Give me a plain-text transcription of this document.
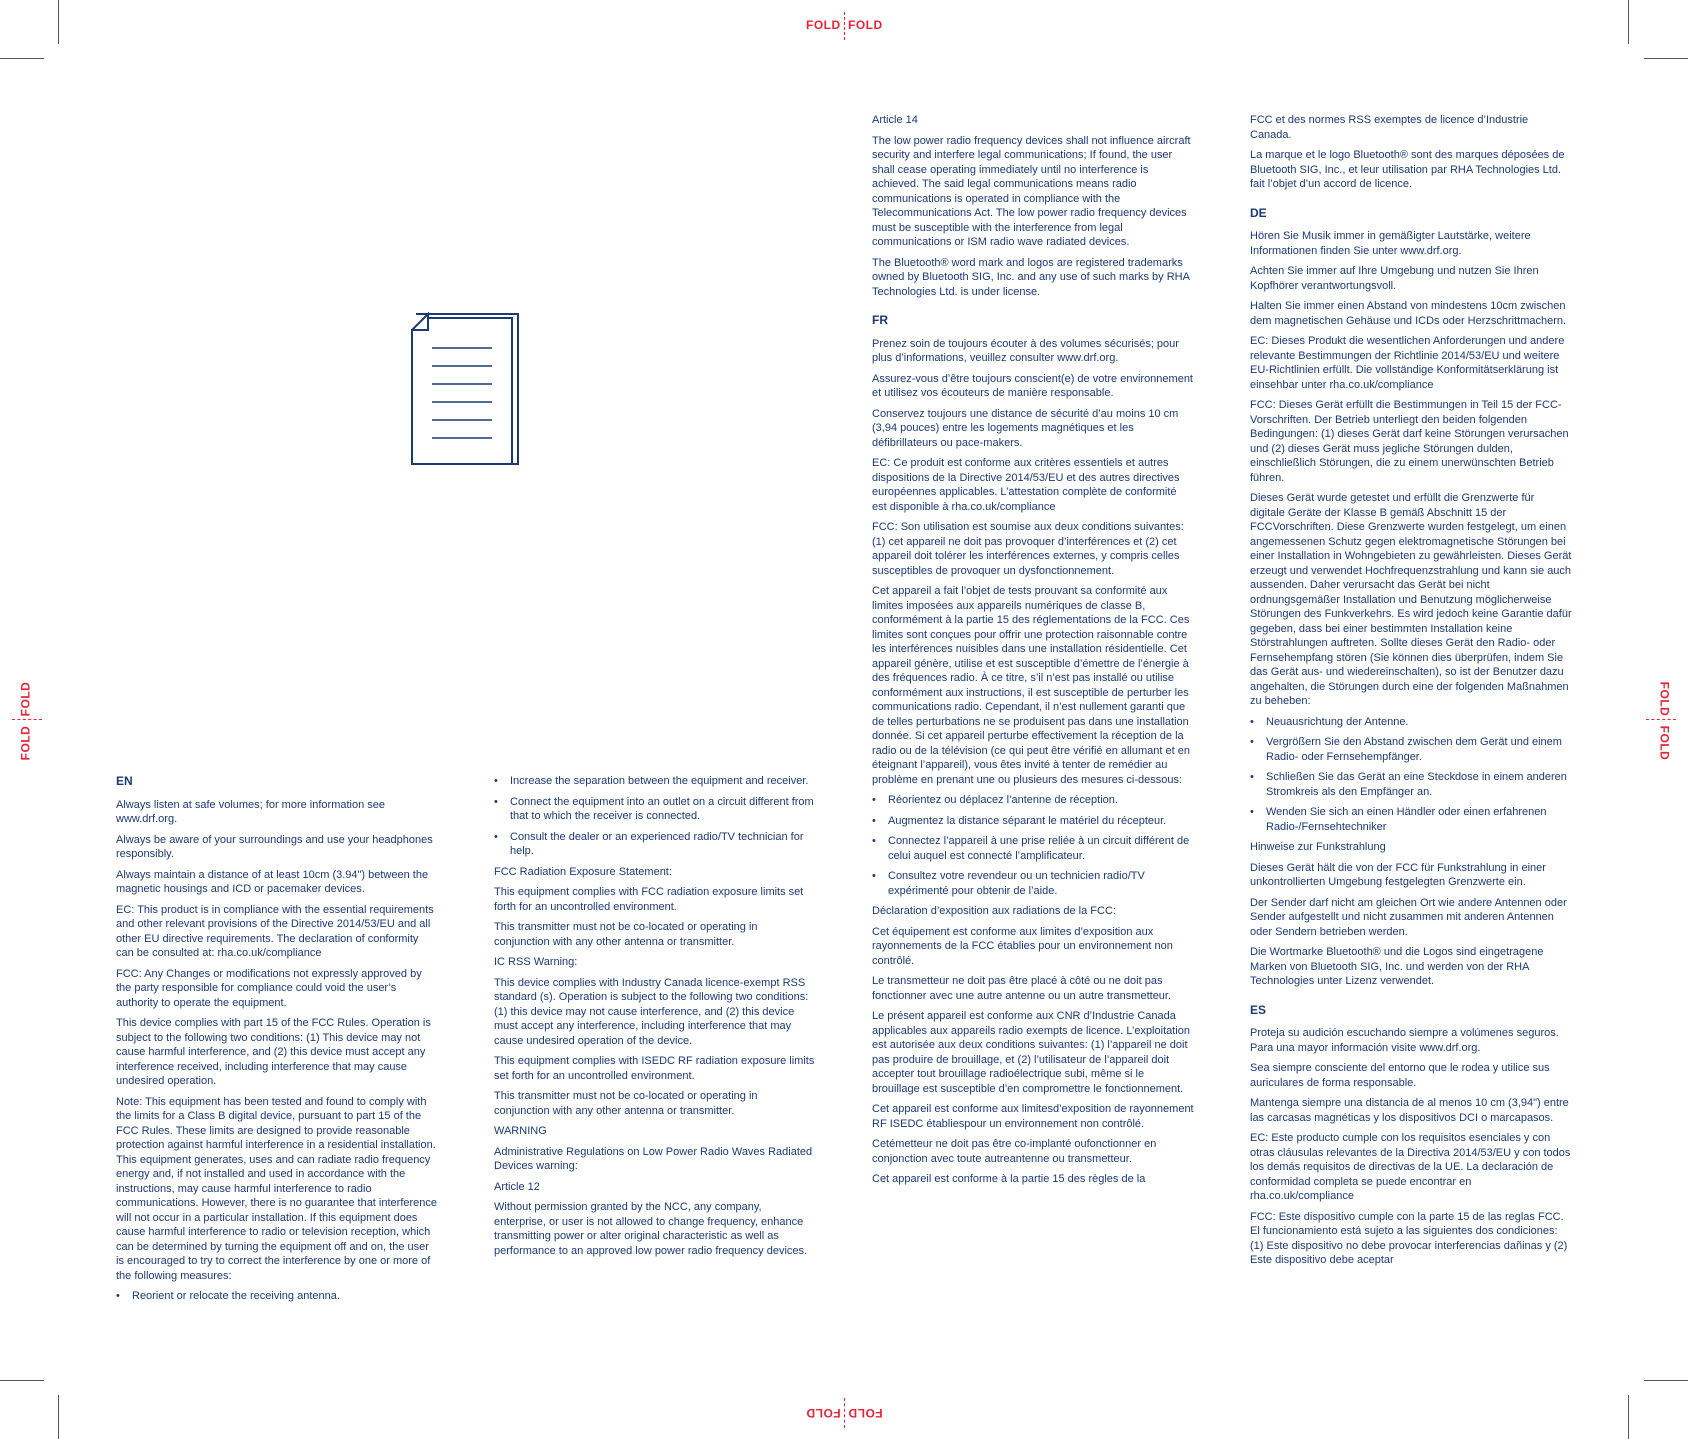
FOLD FOLD
FOLD FOLD
FOLD
FOLD
FOLD
FOLD
EN

Always listen at safe volumes; for more information see www.drf.org.

Always be aware of your surroundings and use your headphones responsibly.

Always maintain a distance of at least 10cm (3.94") between the magnetic housings and ICD or pacemaker devices.

EC: This product is in compliance with the essential requirements and other relevant provisions of the Directive 2014/53/EU and all other EU directive requirements. The declaration of conformity can be consulted at: rha.co.uk/compliance

FCC: Any Changes or modifications not expressly approved by the party responsible for compliance could void the user’s authority to operate the equipment.

This device complies with part 15 of the FCC Rules. Operation is subject to the following two conditions: (1) This device may not cause harmful interference, and (2) this device must accept any interference received, including interference that may cause undesired operation.

Note: This equipment has been tested and found to comply with the limits for a Class B digital device, pursuant to part 15 of the FCC Rules. These limits are designed to provide reasonable protection against harmful interference in a residential installation. This equipment generates, uses and can radiate radio frequency energy and, if not installed and used in accordance with the instructions, may cause harmful interference to radio communications. However, there is no guarantee that interference will not occur in a particular installation. If this equipment does cause harmful interference to radio or television reception, which can be determined by turning the equipment off and on, the user is encouraged to try to correct the interference by one or more of the following measures:

• Reorient or relocate the receiving antenna.
• Increase the separation between the equipment and receiver.
• Connect the equipment into an outlet on a circuit different from that to which the receiver is connected.
• Consult the dealer or an experienced radio/TV technician for help.

FCC Radiation Exposure Statement:

This equipment complies with FCC radiation exposure limits set forth for an uncontrolled environment.

This transmitter must not be co-located or operating in conjunction with any other antenna or transmitter.

IC RSS Warning:

This device complies with Industry Canada licence-exempt RSS standard (s). Operation is subject to the following two conditions: (1) this device may not cause interference, and (2) this device must accept any interference, including interference that may cause undesired operation of the device.

This equipment complies with ISEDC RF radiation exposure limits set forth for an uncontrolled environment.

This transmitter must not be co-located or operating in conjunction with any other antenna or transmitter.

WARNING

Administrative Regulations on Low Power Radio Waves Radiated Devices warning:

Article 12

Without permission granted by the NCC, any company, enterprise, or user is not allowed to change frequency, enhance transmitting power or alter original characteristic as well as performance to an approved low power radio frequency devices.

Article 14

The low power radio frequency devices shall not influence aircraft security and interfere legal communications; If found, the user shall cease operating immediately until no interference is achieved. The said legal communications means radio communications is operated in compliance with the Telecommunications Act. The low power radio frequency devices must be susceptible with the interference from legal communications or ISM radio wave radiated devices.

The Bluetooth® word mark and logos are registered trademarks owned by Bluetooth SIG, Inc. and any use of such marks by RHA Technologies Ltd. is under license.

FR

Prenez soin de toujours écouter à des volumes sécurisés; pour plus d’informations, veuillez consulter www.drf.org.

Assurez-vous d’être toujours conscient(e) de votre environnement et utilisez vos écouteurs de manière responsable.

Conservez toujours une distance de sécurité d’au moins 10 cm (3,94 pouces) entre les logements magnétiques et les défibrillateurs ou pace-makers.

EC: Ce produit est conforme aux critères essentiels et autres dispositions de la Directive 2014/53/EU et des autres directives européennes applicables. L’attestation complète de conformité est disponible à rha.co.uk/compliance

FCC: Son utilisation est soumise aux deux conditions suivantes: (1) cet appareil ne doit pas provoquer d’interférences et (2) cet appareil doit tolérer les interférences externes, y compris celles susceptibles de provoquer un dysfonctionnement.

Cet appareil a fait l’objet de tests prouvant sa conformité aux limites imposées aux appareils numériques de classe B, conformément à la partie 15 des réglementations de la FCC. Ces limites sont conçues pour offrir une protection raisonnable contre les interférences nuisibles dans une installation résidentielle. Cet appareil génère, utilise et est susceptible d’émettre de l’énergie à des fréquences radio. À ce titre, s’il n’est pas installé ou utilise conformément aux instructions, il est susceptible de perturber les communications radio. Cependant, il n’est nullement garanti que de telles perturbations ne se produisent pas dans une installation donnée. Si cet appareil perturbe effectivement la réception de la radio ou de la télévision (ce qui peut être vérifié en allumant et en éteignant l’appareil), vous êtes invité à tenter de remédier au problème en prenant une ou plusieurs des mesures ci-dessous:

• Réorientez ou déplacez l’antenne de réception.
• Augmentez la distance séparant le matériel du récepteur.
• Connectez l’appareil à une prise reliée à un circuit différent de celui auquel est connecté l’amplificateur.
• Consultez votre revendeur ou un technicien radio/TV expérimenté pour obtenir de l’aide.

Déclaration d’exposition aux radiations de la FCC:

Cet équipement est conforme aux limites d’exposition aux rayonnements de la FCC établies pour un environnement non contrôlé.

Le transmetteur ne doit pas être placé à côté ou ne doit pas fonctionner avec une autre antenne ou un autre transmetteur.

Le présent appareil est conforme aux CNR d’Industrie Canada applicables aux appareils radio exempts de licence. L’exploitation est autorisée aux deux conditions suivantes: (1) l’appareil ne doit pas produire de brouillage, et (2) l’utilisateur de l’appareil doit accepter tout brouillage radioélectrique subi, même si le brouillage est susceptible d’en compromettre le fonctionnement.

Cet appareil est conforme aux limitesd’exposition de rayonnement RF ISEDC établiespour un environnement non contrôlé.

Cetémetteur ne doit pas être co-implanté oufonctionner en conjonction avec toute autreantenne ou transmetteur.

Cet appareil est conforme à la partie 15 des règles de la

FCC et des normes RSS exemptes de licence d’Industrie Canada.

La marque et le logo Bluetooth® sont des marques déposées de Bluetooth SIG, Inc., et leur utilisation par RHA Technologies Ltd. fait l’objet d’un accord de licence.

DE

Hören Sie Musik immer in gemäßigter Lautstärke, weitere Informationen finden Sie unter www.drf.org.

Achten Sie immer auf Ihre Umgebung und nutzen Sie Ihren Kopfhörer verantwortungsvoll.

Halten Sie immer einen Abstand von mindestens 10cm zwischen dem magnetischen Gehäuse und ICDs oder Herzschrittmachern.

EC: Dieses Produkt die wesentlichen Anforderungen und andere relevante Bestimmungen der Richtlinie 2014/53/EU und weitere EU-Richtlinien erfüllt. Die vollständige Konformitätserklärung ist einsehbar unter rha.co.uk/compliance

FCC: Dieses Gerät erfüllt die Bestimmungen in Teil 15 der FCC-Vorschriften. Der Betrieb unterliegt den beiden folgenden Bedingungen: (1) dieses Gerät darf keine Störungen verursachen und (2) dieses Gerät muss jegliche Störungen dulden, einschließlich Störungen, die zu einem unerwünschten Betrieb führen.

Dieses Gerät wurde getestet und erfüllt die Grenzwerte für digitale Geräte der Klasse B gemäß Abschnitt 15 der FCCVorschriften. Diese Grenzwerte wurden festgelegt, um einen angemessenen Schutz gegen elektromagnetische Störungen bei einer Installation in Wohngebieten zu gewährleisten. Dieses Gerät erzeugt und verwendet Hochfrequenzstrahlung und kann sie auch aussenden. Daher verursacht das Gerät bei nicht ordnungsgemäßer Installation und Benutzung möglicherweise Störungen des Funkverkehrs. Es wird jedoch keine Garantie dafür gegeben, dass bei einer bestimmten Installation keine Störstrahlungen auftreten. Sollte dieses Gerät den Radio- oder Fernsehempfang stören (Sie können dies überprüfen, indem Sie das Gerät aus- und wiedereinschalten), so ist der Benutzer dazu angehalten, die Störungen durch eine der folgenden Maßnahmen zu beheben:

• Neuausrichtung der Antenne.
• Vergrößern Sie den Abstand zwischen dem Gerät und einem Radio- oder Fernsehempfänger.
• Schließen Sie das Gerät an eine Steckdose in einem anderen Stromkreis als den Empfänger an.
• Wenden Sie sich an einen Händler oder einen erfahrenen Radio-/Fernsehtechniker

Hinweise zur Funkstrahlung

Dieses Gerät hält die von der FCC für Funkstrahlung in einer unkontrollierten Umgebung festgelegten Grenzwerte ein.

Der Sender darf nicht am gleichen Ort wie andere Antennen oder Sender aufgestellt und nicht zusammen mit anderen Antennen oder Sendern betrieben werden.

Die Wortmarke Bluetooth® und die Logos sind eingetragene Marken von Bluetooth SIG, Inc. und werden von der RHA Technologies unter Lizenz verwendet.

ES

Proteja su audición escuchando siempre a volúmenes seguros. Para una mayor información visite www.drf.org.

Sea siempre consciente del entorno que le rodea y utilice sus auriculares de forma responsable.

Mantenga siempre una distancia de al menos 10 cm (3,94") entre las carcasas magnéticas y los dispositivos DCI o marcapasos.

EC: Este producto cumple con los requisitos esenciales y con otras cláusulas relevantes de la Directiva 2014/53/EU y con todos los demás requisitos de directivas de la UE. La declaración de conformidad completa se puede encontrar en rha.co.uk/compliance

FCC: Este dispositivo cumple con la parte 15 de las reglas FCC. El funcionamiento está sujeto a las siguientes dos condiciones: (1) Este dispositivo no debe provocar interferencias dañinas y (2) Este dispositivo debe aceptar
